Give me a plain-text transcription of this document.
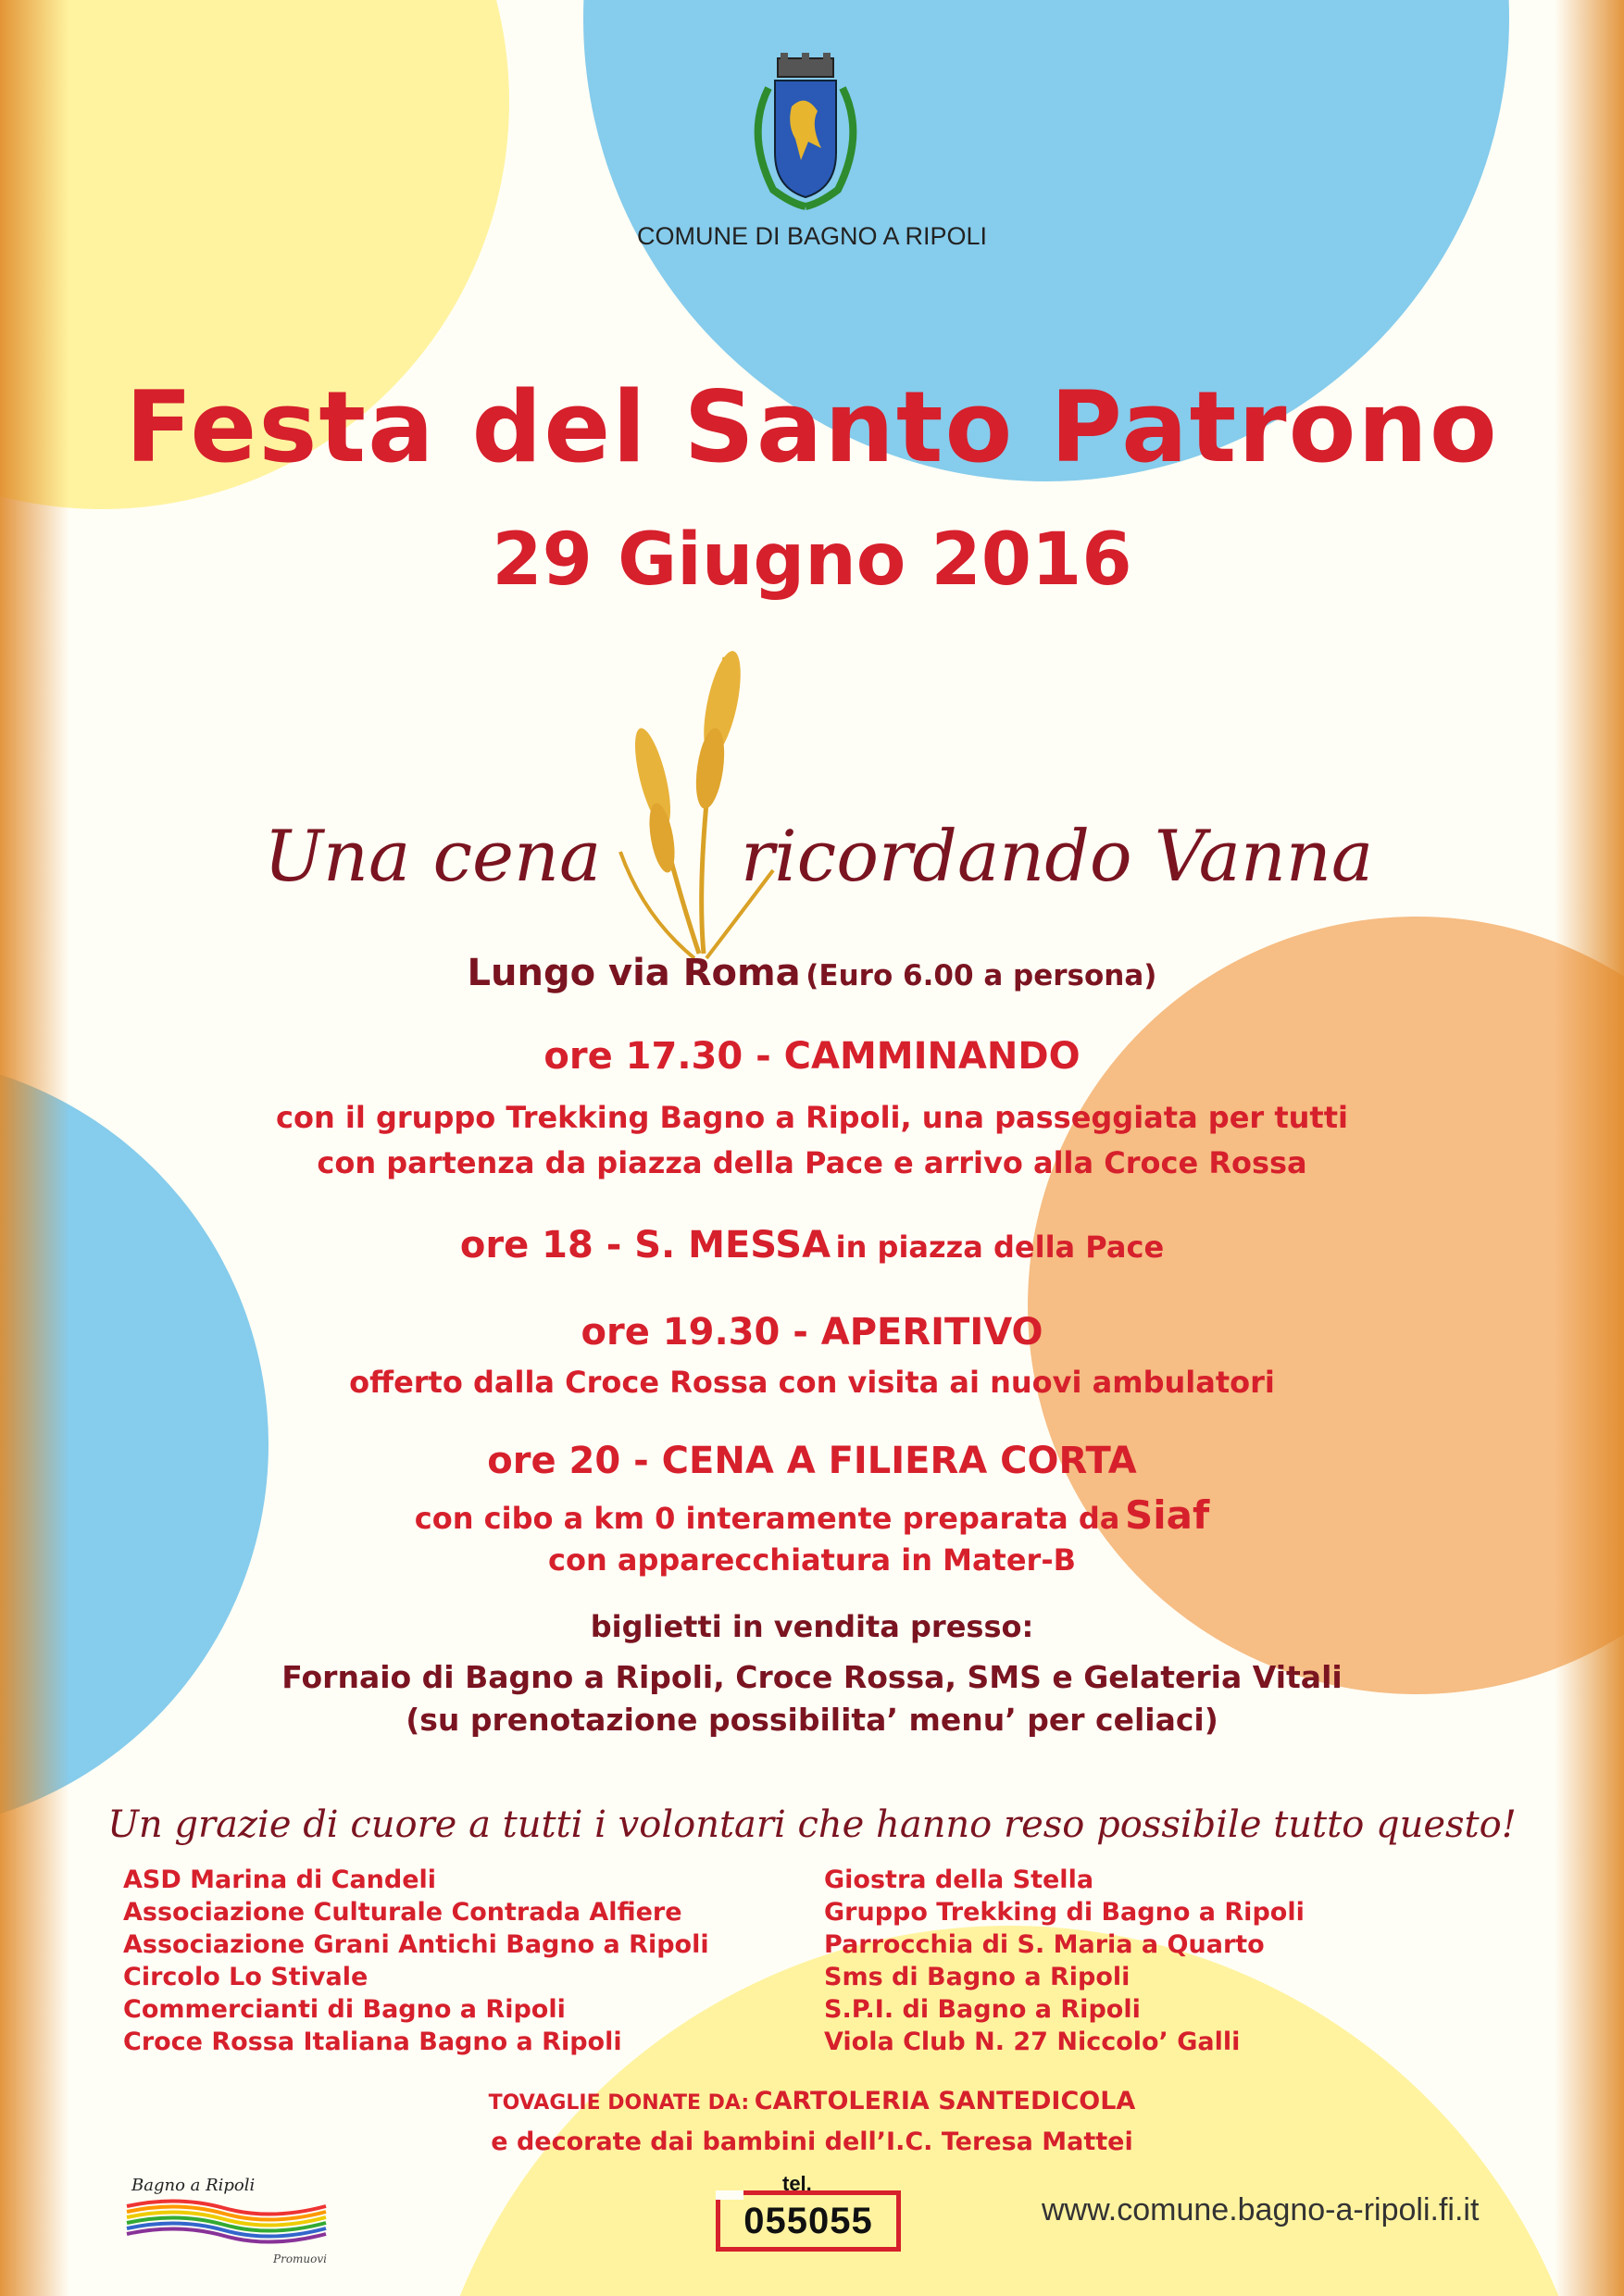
COMUNE DI BAGNO A RIPOLI
Festa del Santo Patrono
29 Giugno 2016
Una cena ricordando Vanna
Lungo via Roma (Euro 6.00 a persona)
ore 17.30 - CAMMINANDO
con il gruppo Trekking Bagno a Ripoli, una passeggiata per tutti
con partenza da piazza della Pace e arrivo alla Croce Rossa
ore 18 - S. MESSA in piazza della Pace
ore 19.30 - APERITIVO
offerto dalla Croce Rossa con visita ai nuovi ambulatori
ore 20 - CENA A FILIERA CORTA
con cibo a km 0 interamente preparata da Siaf
con apparecchiatura in Mater-B
biglietti in vendita presso:
Fornaio di Bagno a Ripoli, Croce Rossa, SMS e Gelateria Vitali
(su prenotazione possibilita’ menu’ per celiaci)
Un grazie di cuore a tutti i volontari che hanno reso possibile tutto questo!
ASD Marina di Candeli
Associazione Culturale Contrada Alfiere
Associazione Grani Antichi Bagno a Ripoli
Circolo Lo Stivale
Commercianti di Bagno a Ripoli
Croce Rossa Italiana Bagno a Ripoli
Giostra della Stella
Gruppo Trekking di Bagno a Ripoli
Parrocchia di S. Maria a Quarto
Sms di Bagno a Ripoli
S.P.I. di Bagno a Ripoli
Viola Club N. 27 Niccolo’ Galli
TOVAGLIE DONATE DA: CARTOLERIA SANTEDICOLA
e decorate dai bambini dell’I.C. Teresa Mattei
Bagno a Ripoli
Promuovi
tel.
055055	www.comune.bagno-a-ripoli.fi.it
